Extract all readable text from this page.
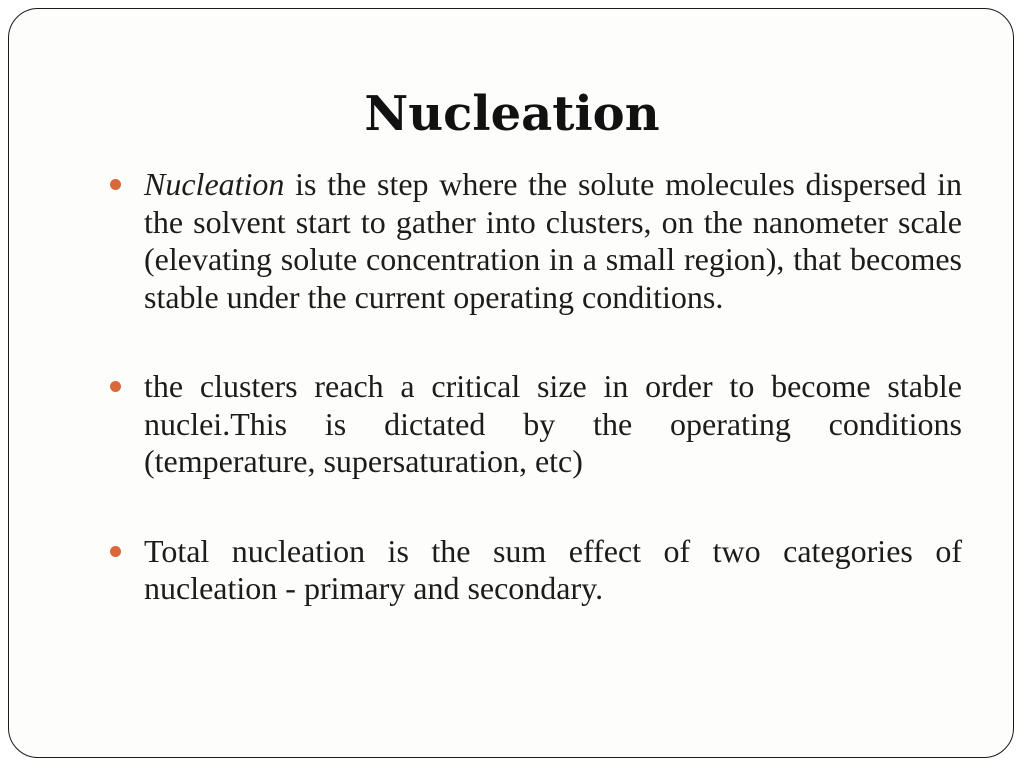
Nucleation
Nucleation is the step where the solute molecules dispersed in the solvent start to gather into clusters, on the nanometer scale (elevating solute concentration in a small region), that becomes stable under the current operating conditions.
the clusters reach a critical size in order to become stable nuclei.This is dictated by the operating conditions (temperature, supersaturation, etc)
Total nucleation is the sum effect of two categories of nucleation - primary and secondary.
